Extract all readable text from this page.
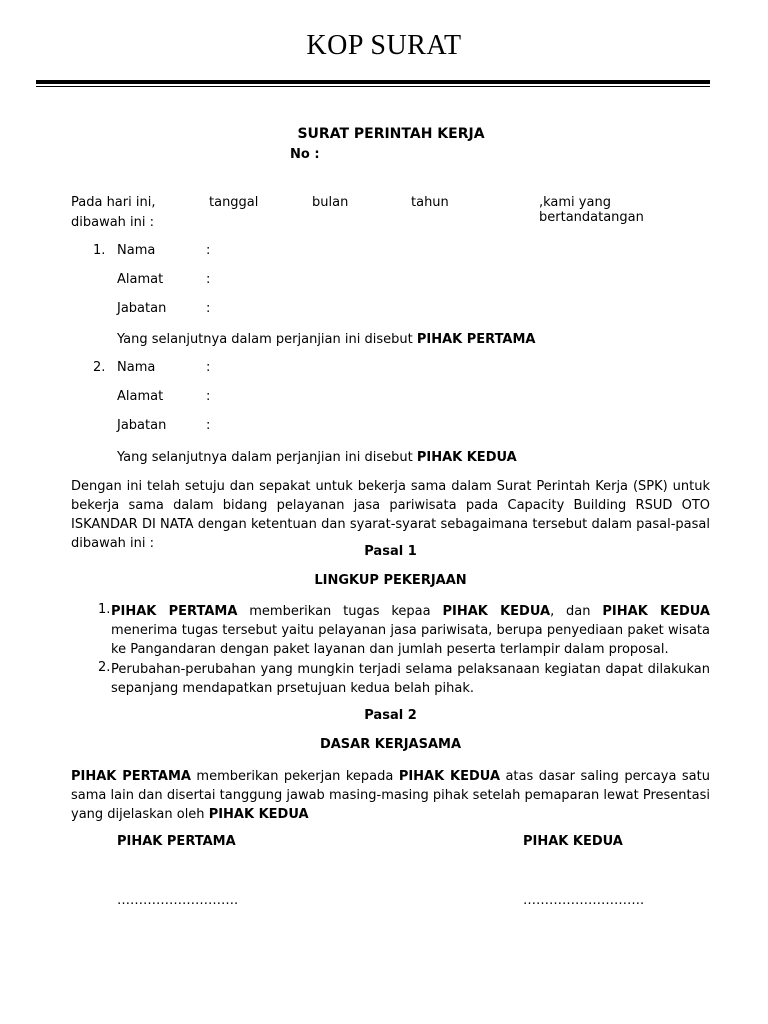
KOP SURAT
SURAT PERINTAH KERJA
No :
Pada hari ini,	tanggal	bulan	tahun	,kami yang bertandatangan
dibawah ini :
1. Nama	:
Alamat	:
Jabatan	:
Yang selanjutnya dalam perjanjian ini disebut PIHAK PERTAMA
2. Nama	:
Alamat	:
Jabatan	:
Yang selanjutnya dalam perjanjian ini disebut PIHAK KEDUA
Dengan ini telah setuju dan sepakat untuk bekerja sama dalam Surat Perintah Kerja (SPK) untuk bekerja sama dalam bidang pelayanan jasa pariwisata pada Capacity Building RSUD OTO ISKANDAR DI NATA dengan ketentuan dan syarat-syarat sebagaimana tersebut dalam pasal-pasal dibawah ini :
Pasal 1
LINGKUP PEKERJAAN
1. PIHAK PERTAMA memberikan tugas kepaa PIHAK KEDUA, dan PIHAK KEDUA menerima tugas tersebut yaitu pelayanan jasa pariwisata, berupa penyediaan paket wisata ke Pangandaran dengan paket layanan dan jumlah peserta terlampir dalam proposal.
2. Perubahan-perubahan yang mungkin terjadi selama pelaksanaan kegiatan dapat dilakukan sepanjang mendapatkan prsetujuan kedua belah pihak.
Pasal 2
DASAR KERJASAMA
PIHAK PERTAMA memberikan pekerjan kepada PIHAK KEDUA atas dasar saling percaya satu sama lain dan disertai tanggung jawab masing-masing pihak setelah pemaparan lewat Presentasi yang dijelaskan oleh PIHAK KEDUA
PIHAK PERTAMA	PIHAK KEDUA
……………………….	……………………….
